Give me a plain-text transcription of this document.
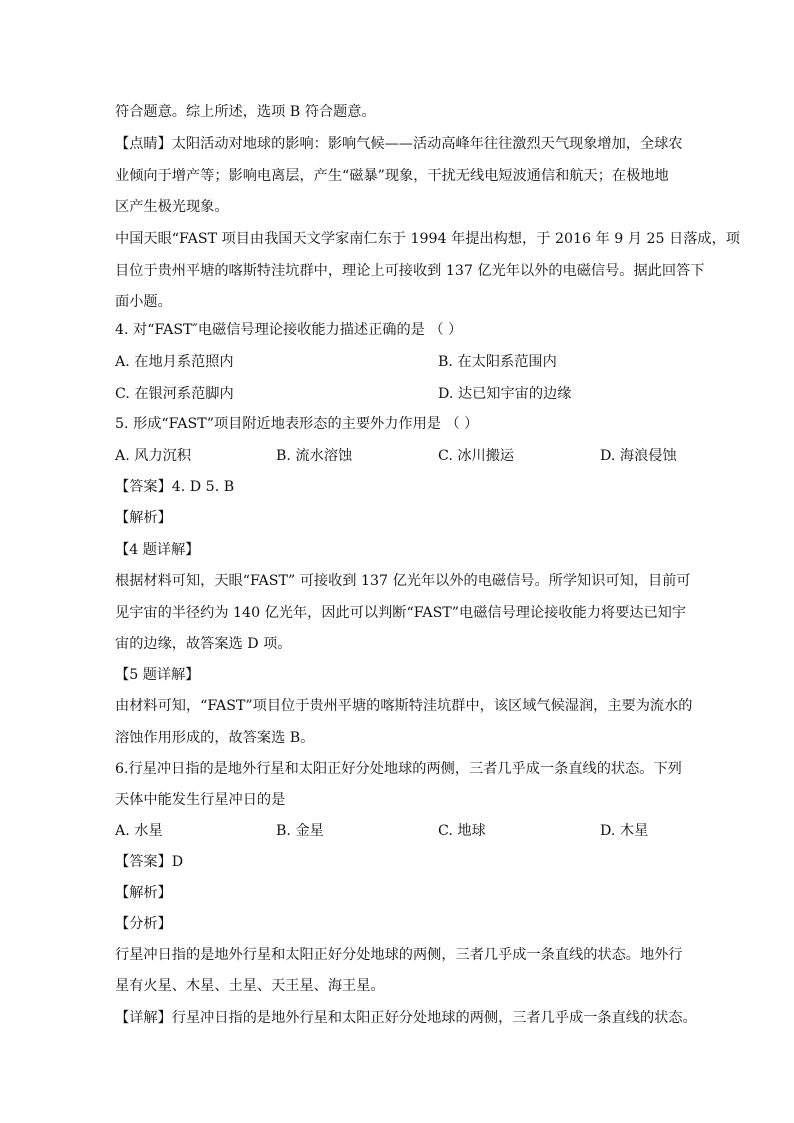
符合题意。综上所述，选项 B 符合题意。
【点睛】太阳活动对地球的影响：影响气候——活动高峰年往往激烈天气现象增加，全球农
业倾向于增产等；影响电离层，产生“磁暴”现象，干扰无线电短波通信和航天；在极地地
区产生极光现象。
中国天眼“FAST 项目由我国天文学家南仁东于 1994 年提出构想，于 2016 年 9 月 25 日落成，项
目位于贵州平塘的喀斯特洼坑群中，理论上可接收到 137 亿光年以外的电磁信号。据此回答下
面小题。
4. 对“FAST″电磁信号理论接收能力描述正确的是 （ ）
A. 在地月系范照内	B. 在太阳系范围内
C. 在银河系范脚内	D. 达已知宇宙的边缘
5. 形成“FAST”项目附近地表形态的主要外力作用是 （ ）
A. 风力沉积	B. 流水溶蚀	C. 冰川搬运	D. 海浪侵蚀
【答案】4. D 5. B
【解析】
【4 题详解】
根据材料可知，天眼“FAST” 可接收到 137 亿光年以外的电磁信号。所学知识可知，目前可
见宇宙的半径约为 140 亿光年，因此可以判断“FAST”电磁信号理论接收能力将要达已知宇
宙的边缘，故答案选 D 项。
【5 题详解】
由材料可知，“FAST”项目位于贵州平塘的喀斯特洼坑群中，该区域气候湿润，主要为流水的
溶蚀作用形成的，故答案选 B。
6.行星冲日指的是地外行星和太阳正好分处地球的两侧，三者几乎成一条直线的状态。下列
天体中能发生行星冲日的是
A. 水星	B. 金星	C. 地球	D. 木星
【答案】D
【解析】
【分析】
行星冲日指的是地外行星和太阳正好分处地球的两侧，三者几乎成一条直线的状态。地外行
星有火星、木星、土星、天王星、海王星。
【详解】行星冲日指的是地外行星和太阳正好分处地球的两侧，三者几乎成一条直线的状态。
